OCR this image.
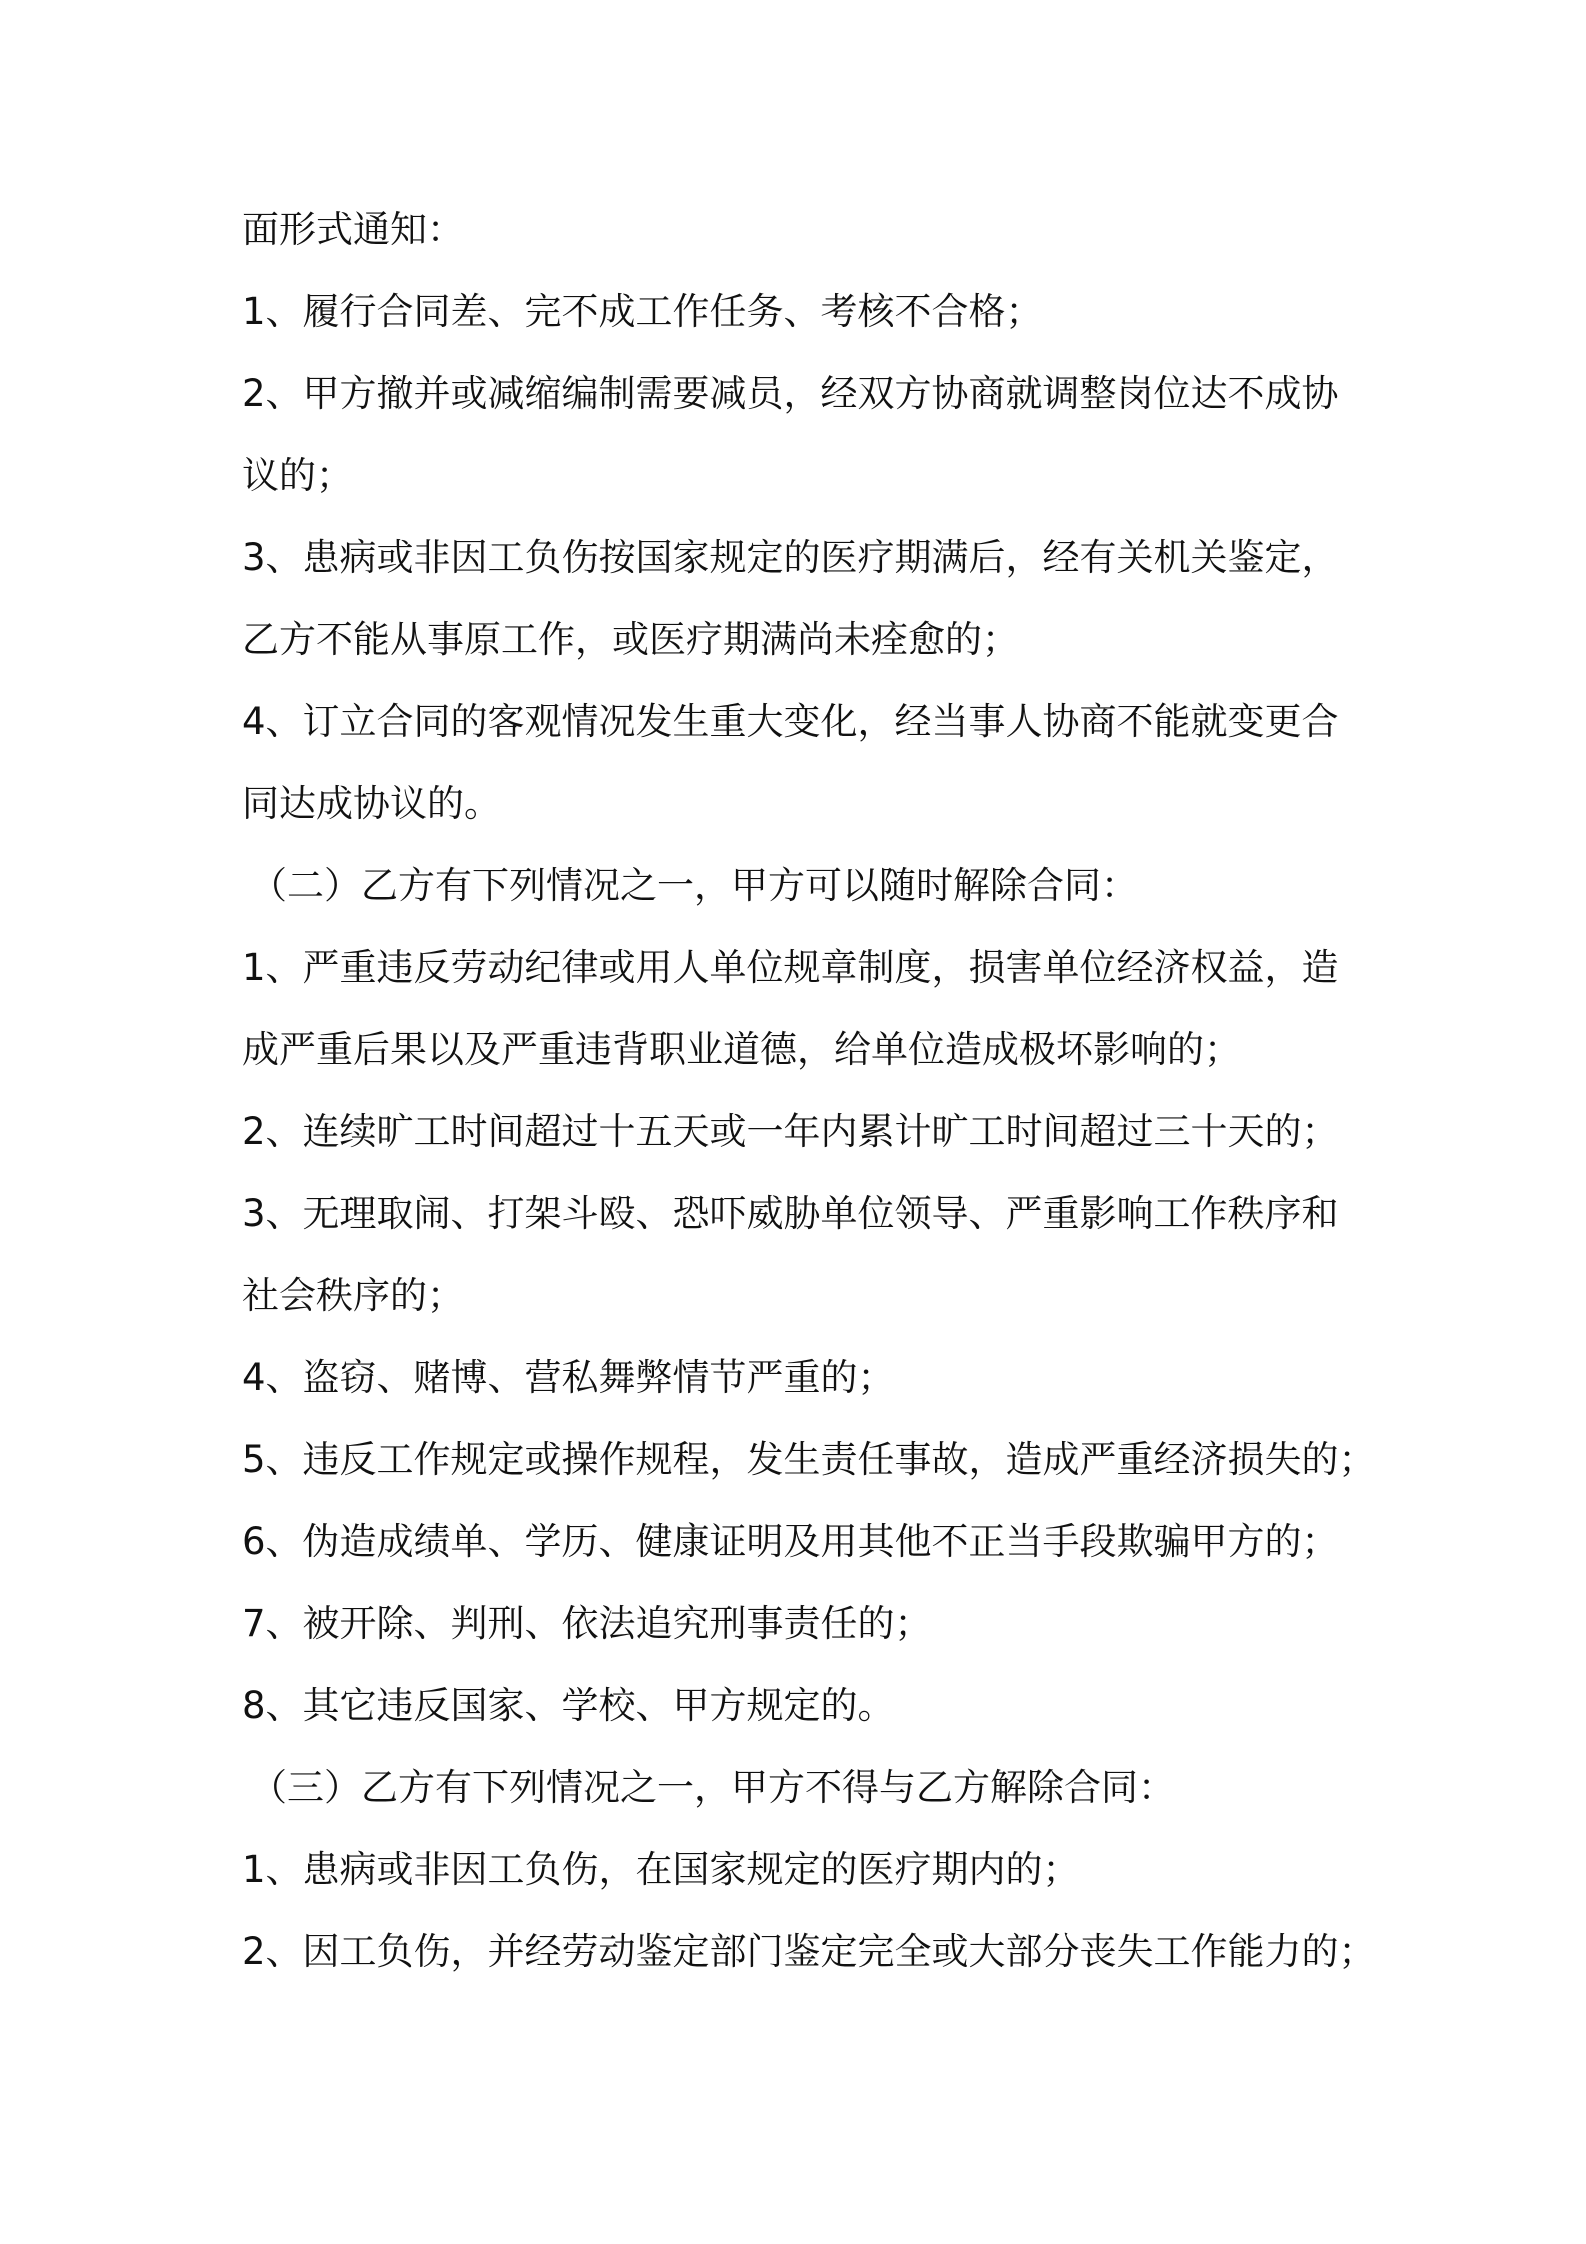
面形式通知：
1、履行合同差、完不成工作任务、考核不合格；
2、甲方撤并或减缩编制需要减员，经双方协商就调整岗位达不成协
议的；
3、患病或非因工负伤按国家规定的医疗期满后，经有关机关鉴定，
乙方不能从事原工作，或医疗期满尚未痊愈的；
4、订立合同的客观情况发生重大变化，经当事人协商不能就变更合
同达成协议的。
（二）乙方有下列情况之一，甲方可以随时解除合同：
1、严重违反劳动纪律或用人单位规章制度，损害单位经济权益，造
成严重后果以及严重违背职业道德，给单位造成极坏影响的；
2、连续旷工时间超过十五天或一年内累计旷工时间超过三十天的；
3、无理取闹、打架斗殴、恐吓威胁单位领导、严重影响工作秩序和
社会秩序的；
4、盗窃、赌博、营私舞弊情节严重的；
5、违反工作规定或操作规程，发生责任事故，造成严重经济损失的；
6、伪造成绩单、学历、健康证明及用其他不正当手段欺骗甲方的；
7、被开除、判刑、依法追究刑事责任的；
8、其它违反国家、学校、甲方规定的。
（三）乙方有下列情况之一，甲方不得与乙方解除合同：
1、患病或非因工负伤，在国家规定的医疗期内的；
2、因工负伤，并经劳动鉴定部门鉴定完全或大部分丧失工作能力的；
